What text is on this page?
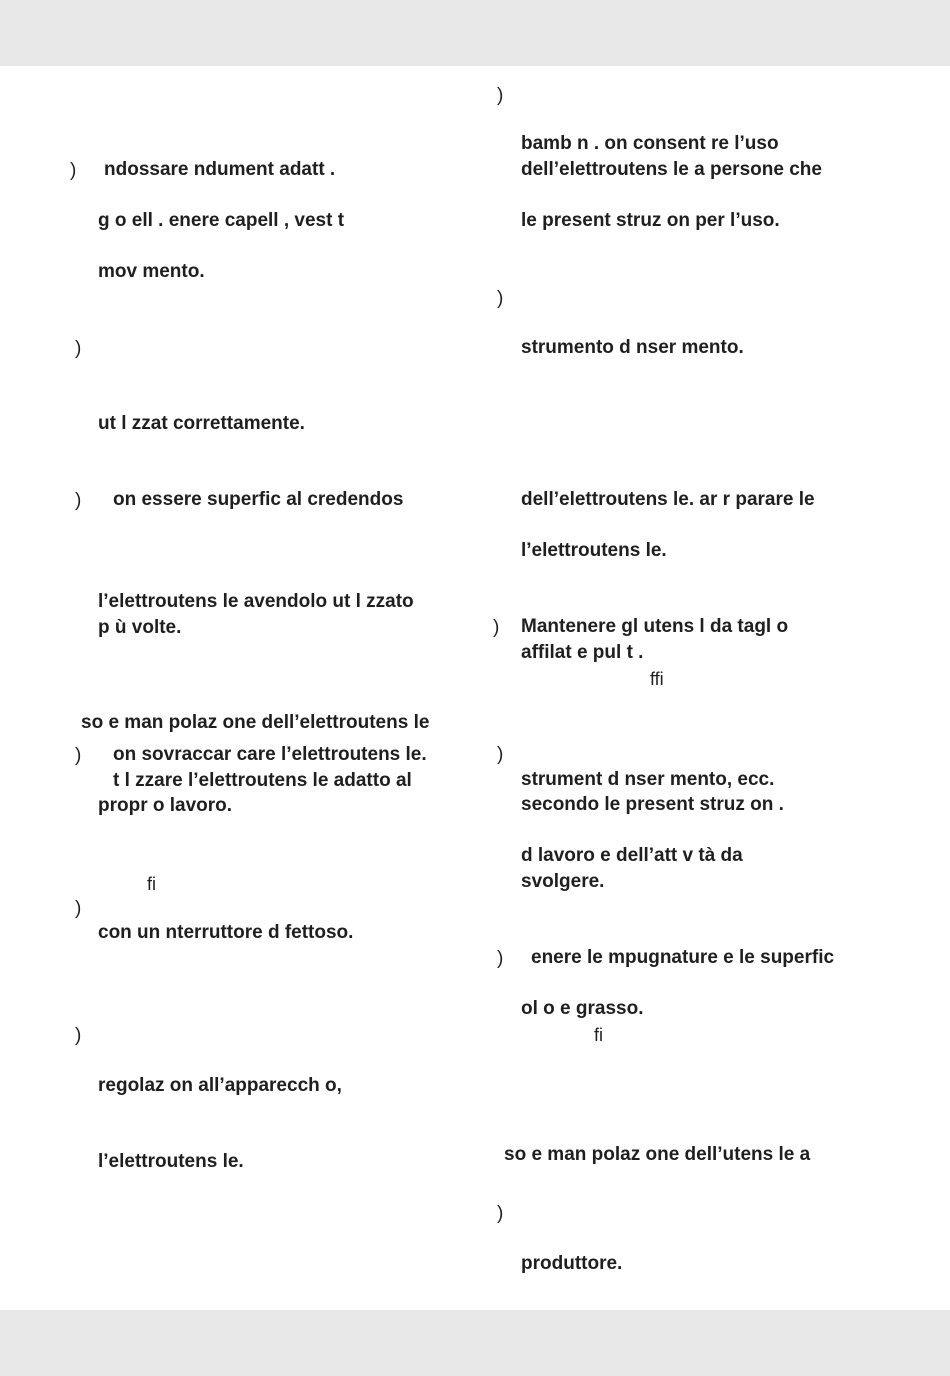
) ndossare ndument adatt .
g o ell . enere capell , vest t
mov mento.
)
ut l zzat correttamente.
) on essere superfic al credendos
l’elettroutens le avendolo ut l zzato
p ù volte.
so e man polaz one dell’elettroutens le
) on sovraccar care l’elettroutens le.
t l zzare l’elettroutens le adatto al
propr o lavoro.
fi
)
con un nterruttore d fettoso.
)
regolaz on all’apparecch o,
l’elettroutens le.
)
bamb n . on consent re l’uso
dell’elettroutens le a persone che
le present struz on per l’uso.
)
strumento d nser mento.
dell’elettroutens le. ar r parare le
l’elettroutens le.
) Mantenere gl utens l da tagl o
affilat e pul t .
ffi
)
strument d nser mento, ecc.
secondo le present struz on .
d lavoro e dell’att v tà da
svolgere.
) enere le mpugnature e le superfic
ol o e grasso.
fi
so e man polaz one dell’utens le a
)
produttore.
